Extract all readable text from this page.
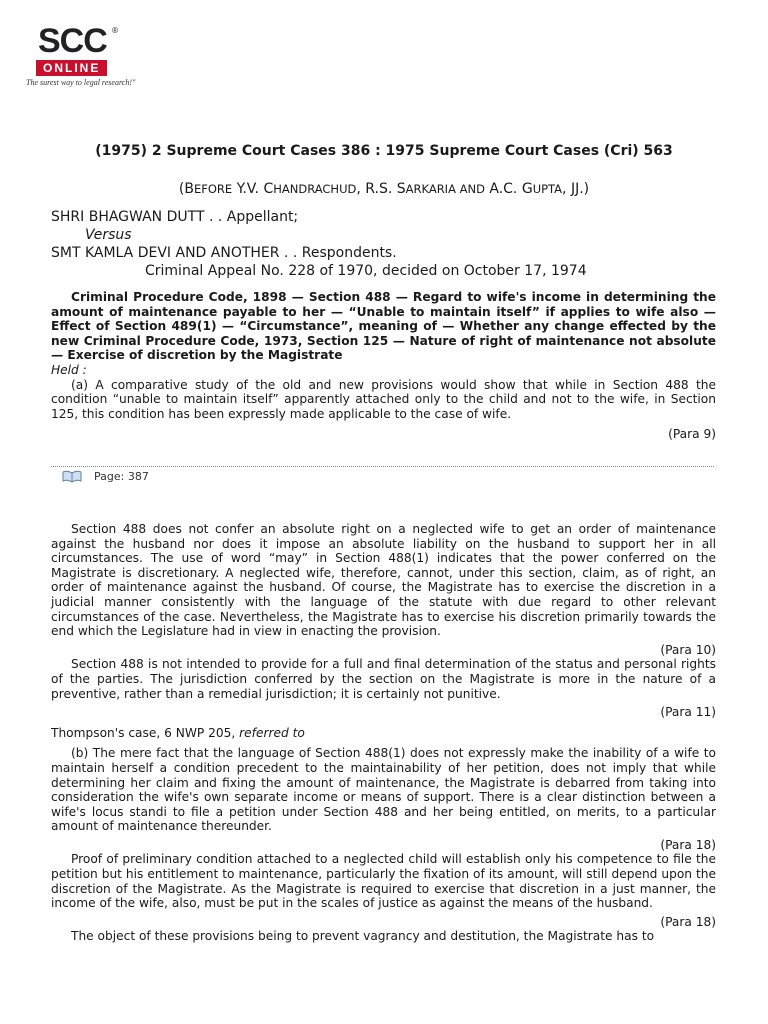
SCC ®
ONLINE
The surest way to legal research!"
(1975) 2 Supreme Court Cases 386 : 1975 Supreme Court Cases (Cri) 563
(BEFORE Y.V. CHANDRACHUD, R.S. SARKARIA AND A.C. GUPTA, JJ.)
SHRI BHAGWAN DUTT . . Appellant;
Versus
SMT KAMLA DEVI AND ANOTHER . . Respondents.
Criminal Appeal No. 228 of 1970, decided on October 17, 1974

Criminal Procedure Code, 1898 — Section 488 — Regard to wife's income in determining the amount of maintenance payable to her — “Unable to maintain itself” if applies to wife also — Effect of Section 489(1) — “Circumstance”, meaning of — Whether any change effected by the new Criminal Procedure Code, 1973, Section 125 — Nature of right of maintenance not absolute — Exercise of discretion by the Magistrate

Held :

(a) A comparative study of the old and new provisions would show that while in Section 488 the condition “unable to maintain itself” apparently attached only to the child and not to the wife, in Section 125, this condition has been expressly made applicable to the case of wife.

(Para 9)

Page: 387

Section 488 does not confer an absolute right on a neglected wife to get an order of maintenance against the husband nor does it impose an absolute liability on the husband to support her in all circumstances. The use of word “may” in Section 488(1) indicates that the power conferred on the Magistrate is discretionary. A neglected wife, therefore, cannot, under this section, claim, as of right, an order of maintenance against the husband. Of course, the Magistrate has to exercise the discretion in a judicial manner consistently with the language of the statute with due regard to other relevant circumstances of the case. Nevertheless, the Magistrate has to exercise his discretion primarily towards the end which the Legislature had in view in enacting the provision.

(Para 10)

Section 488 is not intended to provide for a full and final determination of the status and personal rights of the parties. The jurisdiction conferred by the section on the Magistrate is more in the nature of a preventive, rather than a remedial jurisdiction; it is certainly not punitive.

(Para 11)

Thompson's case, 6 NWP 205, referred to

(b) The mere fact that the language of Section 488(1) does not expressly make the inability of a wife to maintain herself a condition precedent to the maintainability of her petition, does not imply that while determining her claim and fixing the amount of maintenance, the Magistrate is debarred from taking into consideration the wife's own separate income or means of support. There is a clear distinction between a wife's locus standi to file a petition under Section 488 and her being entitled, on merits, to a particular amount of maintenance thereunder.

(Para 18)

Proof of preliminary condition attached to a neglected child will establish only his competence to file the petition but his entitlement to maintenance, particularly the fixation of its amount, will still depend upon the discretion of the Magistrate. As the Magistrate is required to exercise that discretion in a just manner, the income of the wife, also, must be put in the scales of justice as against the means of the husband.

(Para 18)

The object of these provisions being to prevent vagrancy and destitution, the Magistrate has to
